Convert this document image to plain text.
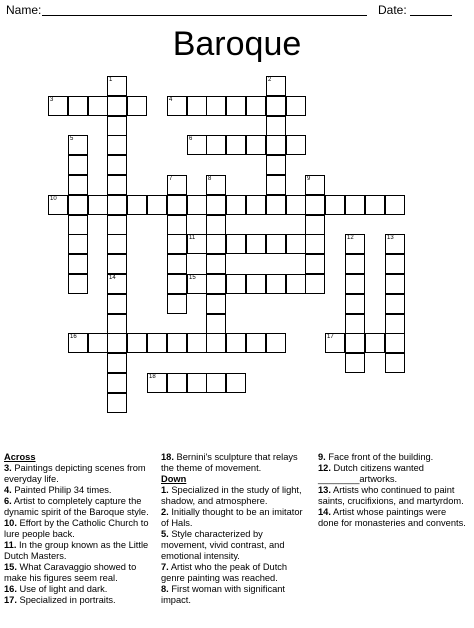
Name:	Date:
Baroque
1
14
2
3	4
5	6
7	8	9
10
11	12	13
15
16	17
18
Across
3. Paintings depicting scenes from everyday life.
4. Painted Philip 34 times.
6. Artist to completely capture the dynamic spirit of the Baroque style.
10. Effort by the Catholic Church to lure people back.
11. In the group known as the Little Dutch Masters.
15. What Caravaggio showed to make his figures seem real.
16. Use of light and dark.
17. Specialized in portraits.
18. Bernini's sculpture that relays the theme of movement.
Down
1. Specialized in the study of light, shadow, and atmosphere.
2. Initially thought to be an imitator of Hals.
5. Style characterized by movement, vivid contrast, and emotional intensity.
7. Artist who the peak of Dutch genre painting was reached.
8. First woman with significant impact.
9. Face front of the building.
12. Dutch citizens wanted ________artworks.
13. Artists who continued to paint saints, crucifixions, and martyrdom.
14. Artist whose paintings were done for monasteries and convents.
